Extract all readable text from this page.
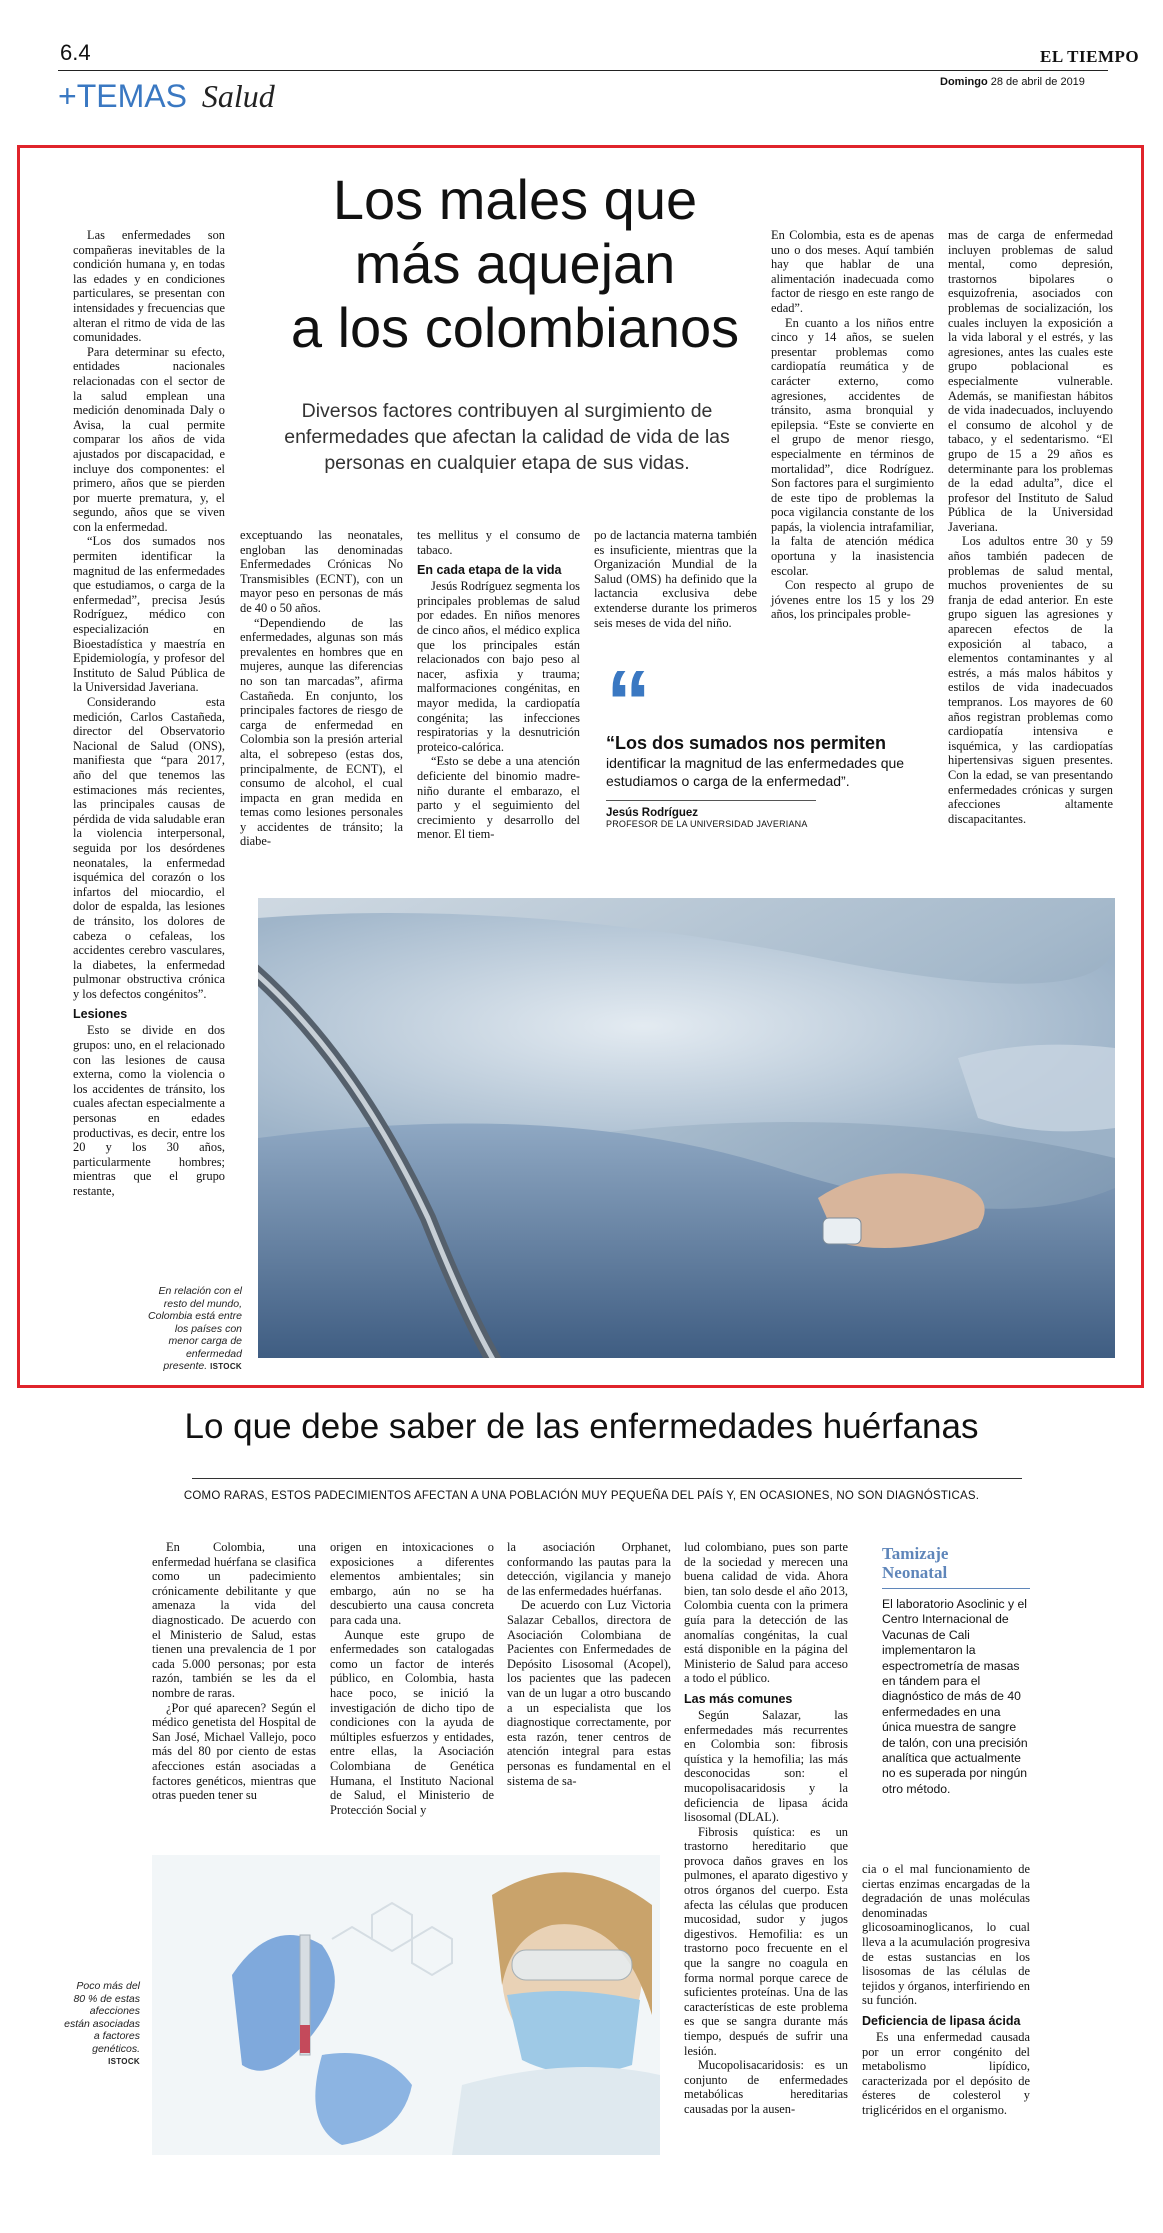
6.4	EL TIEMPO
+TEMAS Salud	Domingo 28 de abril de 2019
Los males que
más aquejan
a los colombianos
Diversos factores contribuyen al surgimiento de enfermedades que afectan la calidad de vida de las personas en cualquier etapa de sus vidas.

Las enfermedades son compañeras inevitables de la condición humana y, en todas las edades y en condiciones particulares, se presentan con intensidades y frecuencias que alteran el ritmo de vida de las comunidades.

Para determinar su efecto, entidades nacionales relacionadas con el sector de la salud emplean una medición denominada Daly o Avisa, la cual permite comparar los años de vida ajustados por discapacidad, e incluye dos componentes: el primero, años que se pierden por muerte prematura, y, el segundo, años que se viven con la enfermedad.

“Los dos sumados nos permiten identificar la magnitud de las enfermedades que estudiamos, o carga de la enfermedad”, precisa Jesús Rodríguez, médico con especialización en Bioestadística y maestría en Epidemiología, y profesor del Instituto de Salud Pública de la Universidad Javeriana.

Considerando esta medición, Carlos Castañeda, director del Observatorio Nacional de Salud (ONS), manifiesta que “para 2017, año del que tenemos las estimaciones más recientes, las principales causas de pérdida de vida saludable eran la violencia interpersonal, seguida por los desórdenes neonatales, la enfermedad isquémica del corazón o los infartos del miocardio, el dolor de espalda, las lesiones de tránsito, los dolores de cabeza o cefaleas, los accidentes cerebro vasculares, la diabetes, la enfermedad pulmonar obstructiva crónica y los defectos congénitos”.

Lesiones

Esto se divide en dos grupos: uno, en el relacionado con las lesiones de causa externa, como la violencia o los accidentes de tránsito, los cuales afectan especialmente a personas en edades productivas, es decir, entre los 20 y los 30 años, particularmente hombres; mientras que el grupo restante,

exceptuando las neonatales, engloban las denominadas Enfermedades Crónicas No Transmisibles (ECNT), con un mayor peso en personas de más de 40 o 50 años.

“Dependiendo de las enfermedades, algunas son más prevalentes en hombres que en mujeres, aunque las diferencias no son tan marcadas”, afirma Castañeda. En conjunto, los principales factores de riesgo de carga de enfermedad en Colombia son la presión arterial alta, el sobrepeso (estas dos, principalmente, de ECNT), el consumo de alcohol, el cual impacta en gran medida en temas como lesiones personales y accidentes de tránsito; la diabe-

tes mellitus y el consumo de tabaco.

En cada etapa de la vida

Jesús Rodríguez segmenta los principales problemas de salud por edades. En niños menores de cinco años, el médico explica que los principales están relacionados con bajo peso al nacer, asfixia y trauma; malformaciones congénitas, en mayor medida, la cardiopatía congénita; las infecciones respiratorias y la desnutrición proteico-calórica.

“Esto se debe a una atención deficiente del binomio madre-niño durante el embarazo, el parto y el seguimiento del crecimiento y desarrollo del menor. El tiem-

po de lactancia materna también es insuficiente, mientras que la Organización Mundial de la Salud (OMS) ha definido que la lactancia exclusiva debe extenderse durante los primeros seis meses de vida del niño.

En Colombia, esta es de apenas uno o dos meses. Aquí también hay que hablar de una alimentación inadecuada como factor de riesgo en este rango de edad”.

En cuanto a los niños entre cinco y 14 años, se suelen presentar problemas como cardiopatía reumática y de carácter externo, como agresiones, accidentes de tránsito, asma bronquial y epilepsia. “Este se convierte en el grupo de menor riesgo, especialmente en términos de mortalidad”, dice Rodríguez. Son factores para el surgimiento de este tipo de problemas la poca vigilancia constante de los papás, la violencia intrafamiliar, la falta de atención médica oportuna y la inasistencia escolar.

Con respecto al grupo de jóvenes entre los 15 y los 29 años, los principales proble-

mas de carga de enfermedad incluyen problemas de salud mental, como depresión, trastornos bipolares o esquizofrenia, asociados con problemas de socialización, los cuales incluyen la exposición a la vida laboral y el estrés, y las agresiones, antes las cuales este grupo poblacional es especialmente vulnerable. Además, se manifiestan hábitos de vida inadecuados, incluyendo el consumo de alcohol y de tabaco, y el sedentarismo. “El grupo de 15 a 29 años es determinante para los problemas de la edad adulta”, dice el profesor del Instituto de Salud Pública de la Universidad Javeriana.

Los adultos entre 30 y 59 años también padecen de problemas de salud mental, muchos provenientes de su franja de edad anterior. En este grupo siguen las agresiones y aparecen efectos de la exposición al tabaco, a elementos contaminantes y al estrés, a más malos hábitos y estilos de vida inadecuados tempranos. Los mayores de 60 años registran problemas como cardiopatía intensiva e isquémica, y las cardiopatías hipertensivas siguen presentes. Con la edad, se van presentando enfermedades crónicas y surgen afecciones altamente discapacitantes.

“
“Los dos sumados nos permiten
identificar la magnitud de las enfermedades que estudiamos o carga de la enfermedad”.
Jesús Rodríguez
PROFESOR DE LA UNIVERSIDAD JAVERIANA
En relación con el resto del mundo, Colombia está entre los países con menor carga de enfermedad presente. ISTOCK
Lo que debe saber de las enfermedades huérfanas
COMO RARAS, ESTOS PADECIMIENTOS AFECTAN A UNA POBLACIÓN MUY PEQUEÑA DEL PAÍS Y, EN OCASIONES, NO SON DIAGNÓSTICAS.

En Colombia, una enfermedad huérfana se clasifica como un padecimiento crónicamente debilitante y que amenaza la vida del diagnosticado. De acuerdo con el Ministerio de Salud, estas tienen una prevalencia de 1 por cada 5.000 personas; por esta razón, también se les da el nombre de raras.

¿Por qué aparecen? Según el médico genetista del Hospital de San José, Michael Vallejo, poco más del 80 por ciento de estas afecciones están asociadas a factores genéticos, mientras que otras pueden tener su

origen en intoxicaciones o exposiciones a diferentes elementos ambientales; sin embargo, aún no se ha descubierto una causa concreta para cada una.

Aunque este grupo de enfermedades son catalogadas como un factor de interés público, en Colombia, hasta hace poco, se inició la investigación de dicho tipo de condiciones con la ayuda de múltiples esfuerzos y entidades, entre ellas, la Asociación Colombiana de Genética Humana, el Instituto Nacional de Salud, el Ministerio de Protección Social y

la asociación Orphanet, conformando las pautas para la detección, vigilancia y manejo de las enfermedades huérfanas.

De acuerdo con Luz Victoria Salazar Ceballos, directora de Asociación Colombiana de Pacientes con Enfermedades de Depósito Lisosomal (Acopel), los pacientes que las padecen van de un lugar a otro buscando a un especialista que los diagnostique correctamente, por esta razón, tener centros de atención integral para estas personas es fundamental en el sistema de sa-

lud colombiano, pues son parte de la sociedad y merecen una buena calidad de vida. Ahora bien, tan solo desde el año 2013, Colombia cuenta con la primera guía para la detección de las anomalías congénitas, la cual está disponible en la página del Ministerio de Salud para acceso a todo el público.

Las más comunes

Según Salazar, las enfermedades más recurrentes en Colombia son: fibrosis quística y la hemofilia; las más desconocidas son: el mucopolisacaridosis y la deficiencia de lipasa ácida lisosomal (DLAL).

Fibrosis quística: es un trastorno hereditario que provoca daños graves en los pulmones, el aparato digestivo y otros órganos del cuerpo. Esta afecta las células que producen mucosidad, sudor y jugos digestivos. Hemofilia: es un trastorno poco frecuente en el que la sangre no coagula en forma normal porque carece de suficientes proteínas. Una de las características de este problema es que se sangra durante más tiempo, después de sufrir una lesión.

Mucopolisacaridosis: es un conjunto de enfermedades metabólicas hereditarias causadas por la ausen-

Tamizaje
Neonatal

El laboratorio Asoclinic y el Centro Internacional de Vacunas de Cali implementaron la espectrometría de masas en tándem para el diagnóstico de más de 40 enfermedades en una única muestra de sangre de talón, con una precisión analítica que actualmente no es superada por ningún otro método.

cia o el mal funcionamiento de ciertas enzimas encargadas de la degradación de unas moléculas denominadas glicosoaminoglicanos, lo cual lleva a la acumulación progresiva de estas sustancias en los lisosomas de las células de tejidos y órganos, interfiriendo en su función.

Deficiencia de lipasa ácida

Es una enfermedad causada por un error congénito del metabolismo lipídico, caracterizada por el depósito de ésteres de colesterol y triglicéridos en el organismo.

Poco más del 80 % de estas afecciones están asociadas a factores genéticos. ISTOCK
